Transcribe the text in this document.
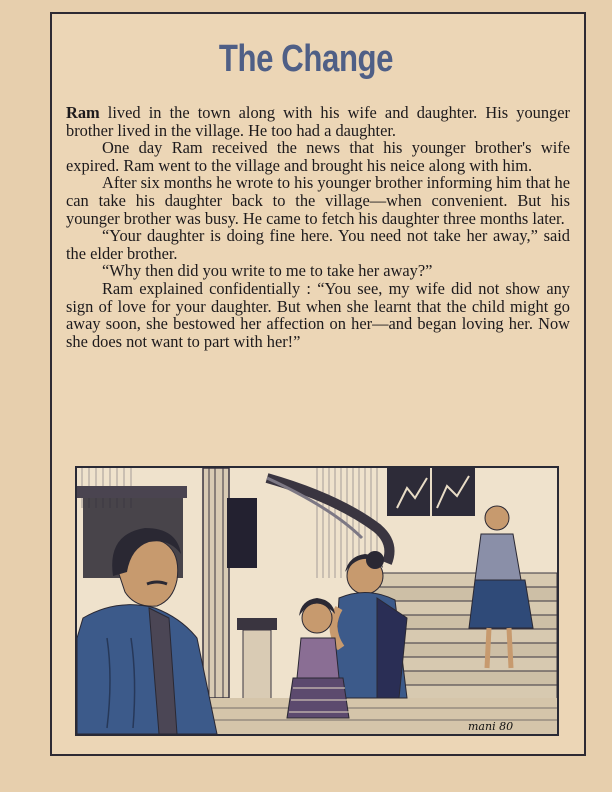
The Change

Ram lived in the town along with his wife and daughter. His younger brother lived in the village. He too had a daughter.

One day Ram received the news that his younger brother's wife expired. Ram went to the village and brought his neice along with him.

After six months he wrote to his younger brother informing him that he can take his daughter back to the village—when convenient. But his younger brother was busy. He came to fetch his daughter three months later.

“Your daughter is doing fine here. You need not take her away,” said the elder brother.

“Why then did you write to me to take her away?”

Ram explained confidentially : “You see, my wife did not show any sign of love for your daughter. But when she learnt that the child might go away soon, she bestowed her affection on her—and began loving her. Now she does not want to part with her!”

mani 80
